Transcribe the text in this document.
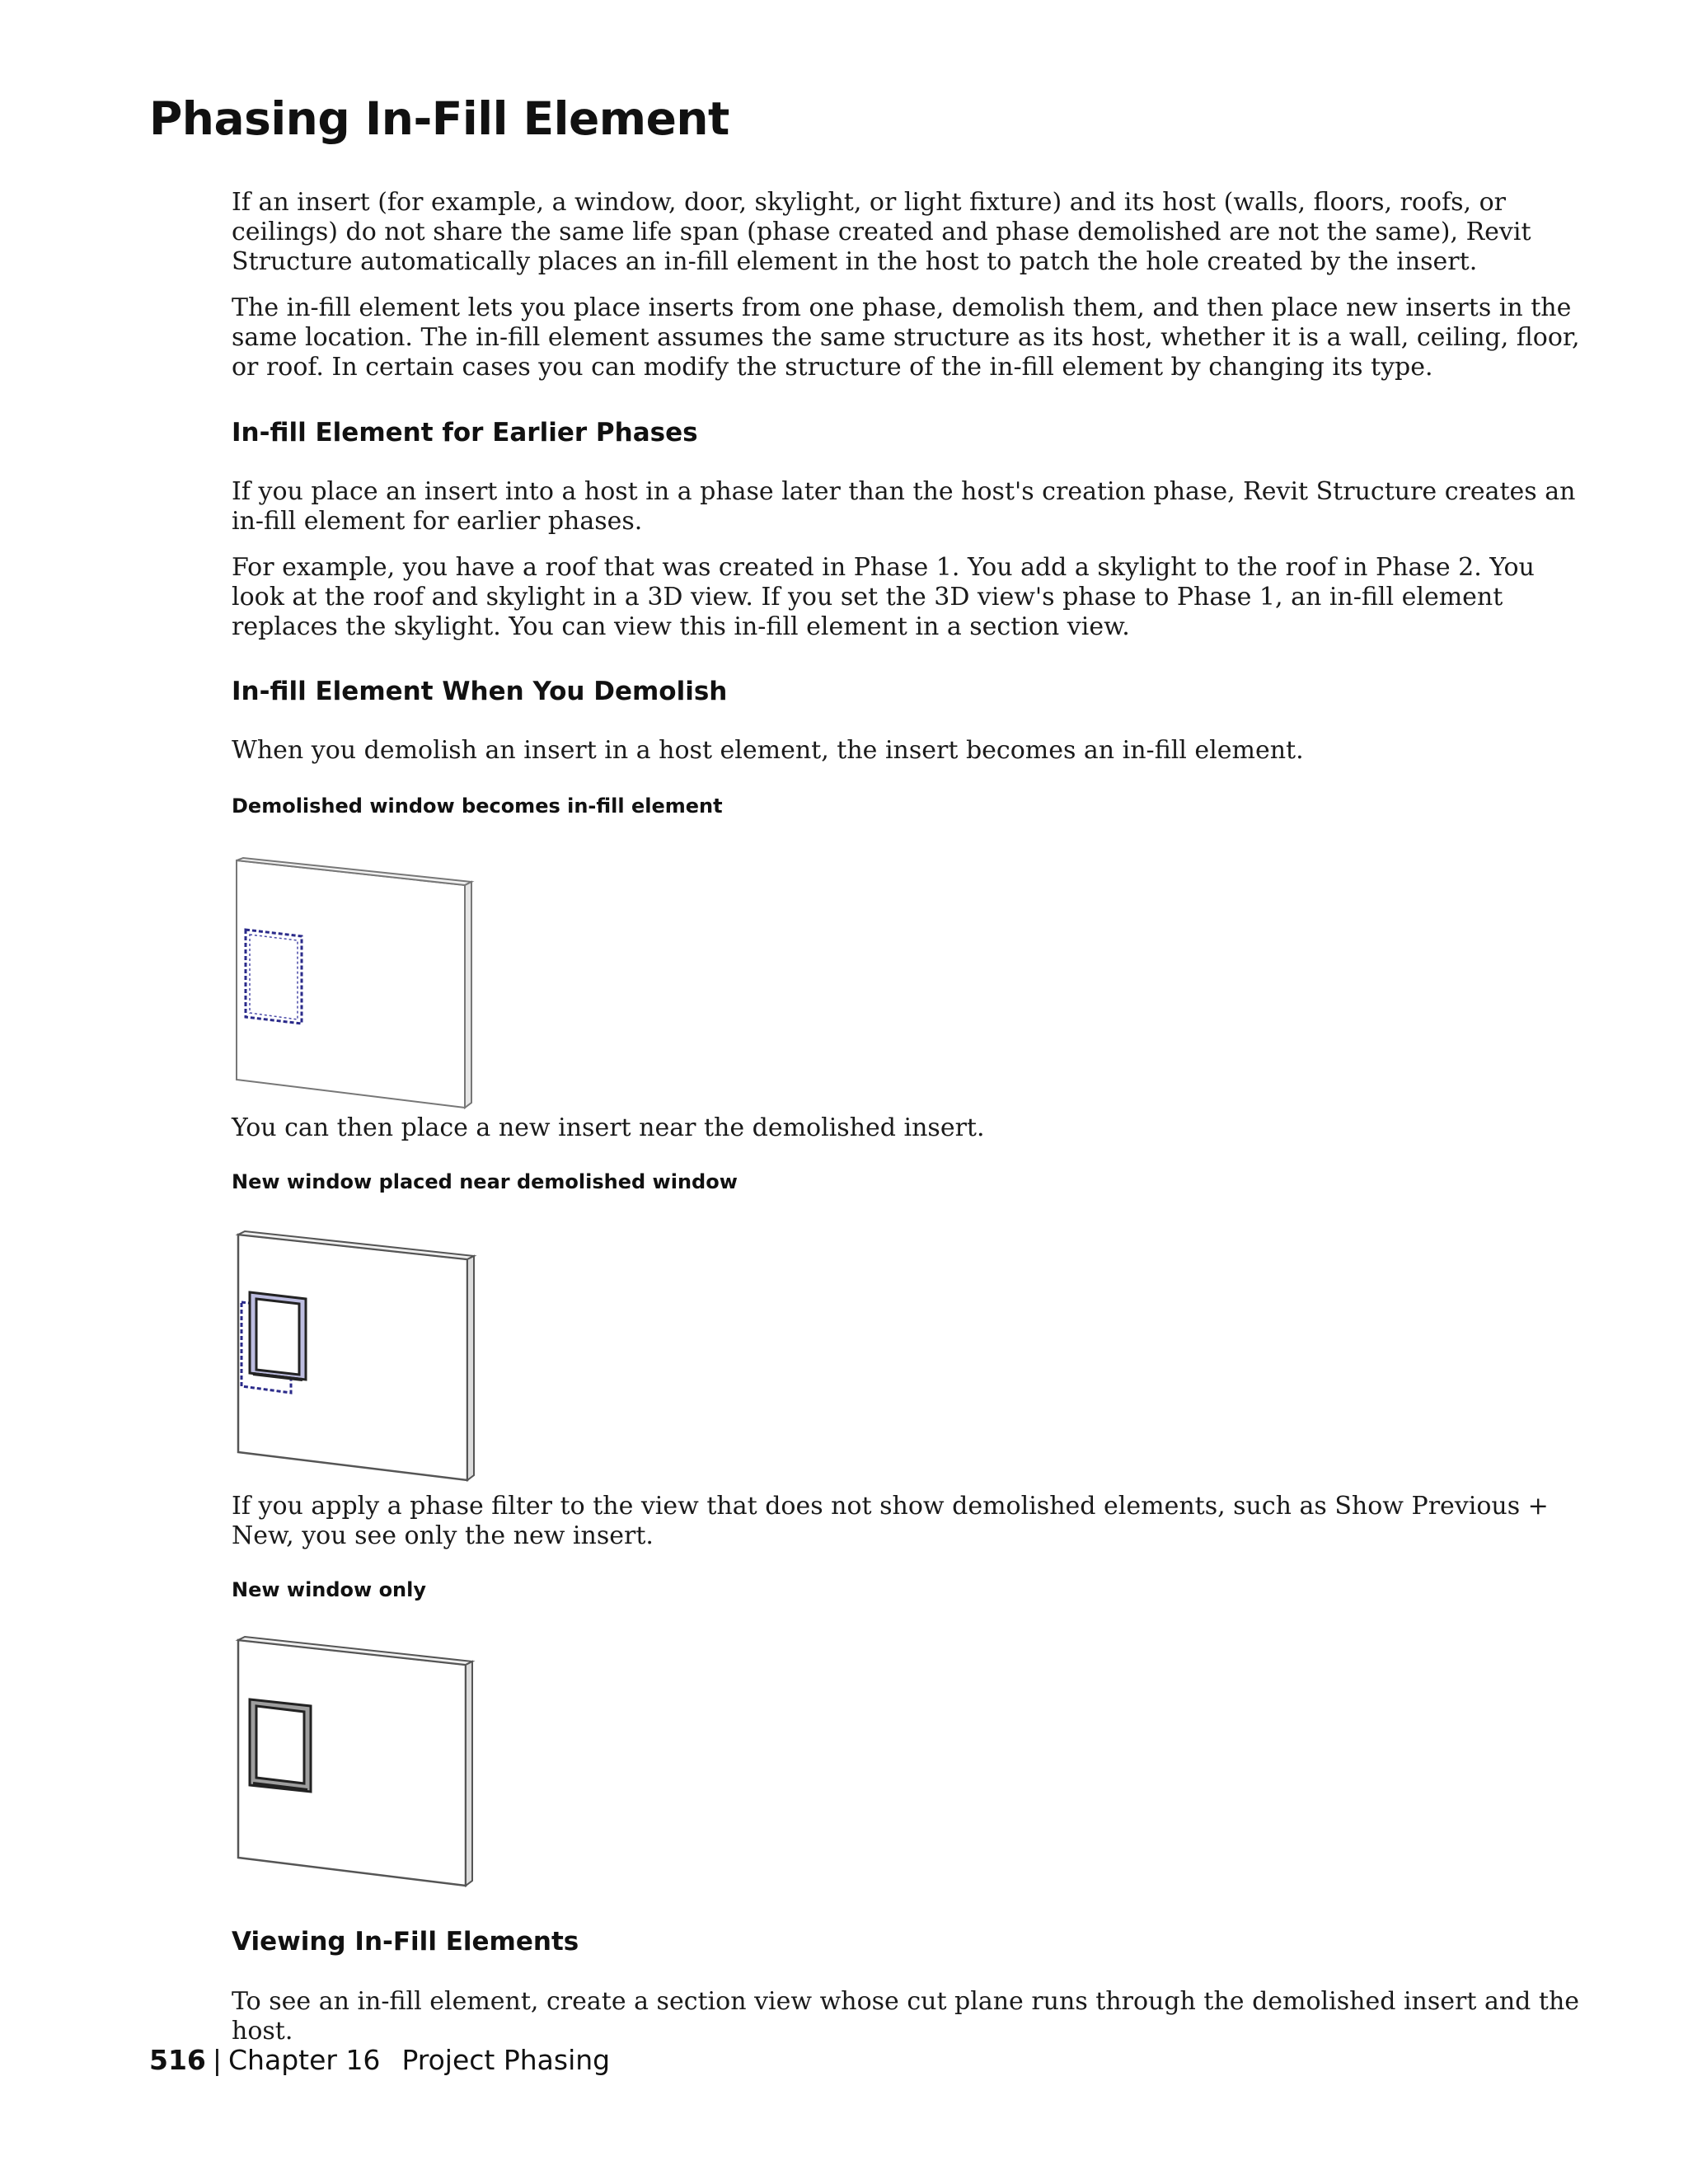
Phasing In-Fill Element

If an insert (for example, a window, door, skylight, or light fixture) and its host (walls, floors, roofs, or ceilings) do not share the same life span (phase created and phase demolished are not the same), Revit Structure automatically places an in-fill element in the host to patch the hole created by the insert.

The in-fill element lets you place inserts from one phase, demolish them, and then place new inserts in the same location. The in-fill element assumes the same structure as its host, whether it is a wall, ceiling, floor, or roof. In certain cases you can modify the structure of the in-fill element by changing its type.

In-fill Element for Earlier Phases

If you place an insert into a host in a phase later than the host's creation phase, Revit Structure creates an in-fill element for earlier phases.

For example, you have a roof that was created in Phase 1. You add a skylight to the roof in Phase 2. You look at the roof and skylight in a 3D view. If you set the 3D view's phase to Phase 1, an in-fill element replaces the skylight. You can view this in-fill element in a section view.

In-fill Element When You Demolish

When you demolish an insert in a host element, the insert becomes an in-fill element.

Demolished window becomes in-fill element

You can then place a new insert near the demolished insert.

New window placed near demolished window

If you apply a phase filter to the view that does not show demolished elements, such as Show Previous + New, you see only the new insert.

New window only

Viewing In-Fill Elements

To see an in-fill element, create a section view whose cut plane runs through the demolished insert and the host.

516 | Chapter 16 Project Phasing
